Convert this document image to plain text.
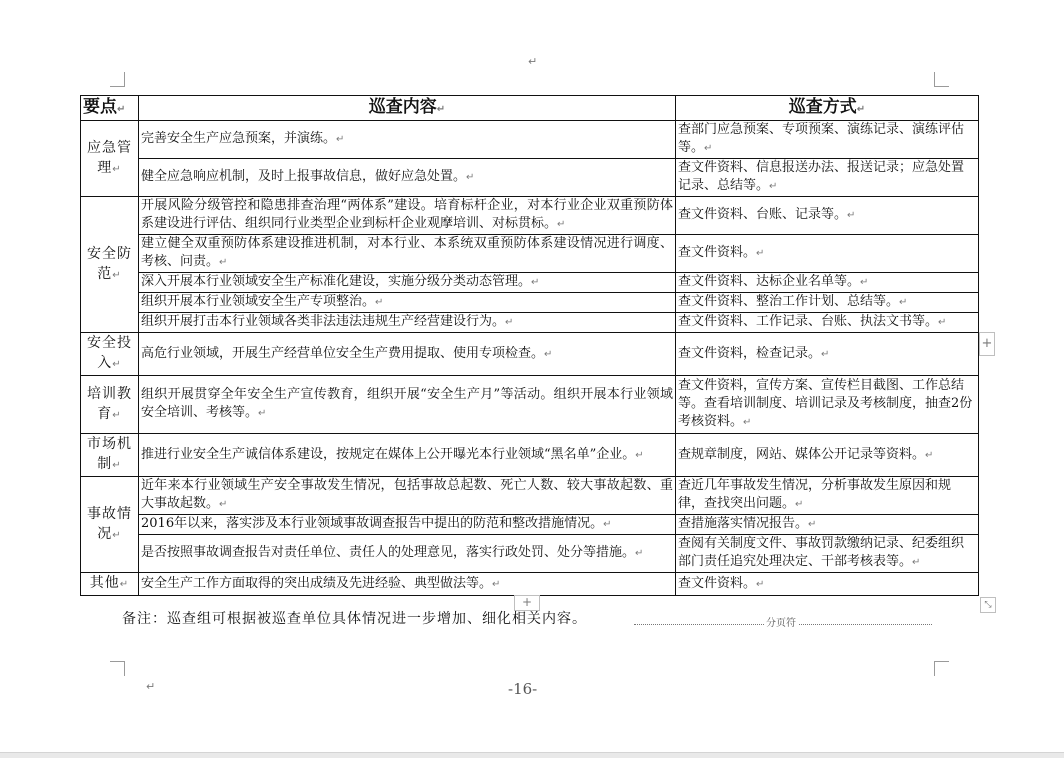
↵
要点↵	巡查内容↵	巡查方式↵
应急管理↵	完善安全生产应急预案，并演练。↵	查部门应急预案、专项预案、演练记录、演练评估等。↵
	健全应急响应机制，及时上报事故信息，做好应急处置。↵	查文件资料、信息报送办法、报送记录；应急处置记录、总结等。↵
安全防范↵	开展风险分级管控和隐患排查治理“两体系”建设。培育标杆企业，对本行业企业双重预防体系建设进行评估、组织同行业类型企业到标杆企业观摩培训、对标贯标。↵	查文件资料、台账、记录等。↵
	建立健全双重预防体系建设推进机制，对本行业、本系统双重预防体系建设情况进行调度、考核、问责。↵	查文件资料。↵
	深入开展本行业领域安全生产标准化建设，实施分级分类动态管理。↵	查文件资料、达标企业名单等。↵
	组织开展本行业领域安全生产专项整治。↵	查文件资料、整治工作计划、总结等。↵
	组织开展打击本行业领域各类非法违法违规生产经营建设行为。↵	查文件资料、工作记录、台账、执法文书等。↵
安全投入↵	高危行业领域，开展生产经营单位安全生产费用提取、使用专项检查。↵	查文件资料，检查记录。↵
培训教育↵	组织开展贯穿全年安全生产宣传教育，组织开展“安全生产月”等活动。组织开展本行业领域安全培训、考核等。↵	查文件资料，宣传方案、宣传栏目截图、工作总结等。查看培训制度、培训记录及考核制度，抽查2份考核资料。↵
市场机制↵	推进行业安全生产诚信体系建设，按规定在媒体上公开曝光本行业领域“黑名单”企业。↵	查规章制度，网站、媒体公开记录等资料。↵
事故情况↵	近年来本行业领域生产安全事故发生情况，包括事故总起数、死亡人数、较大事故起数、重大事故起数。↵	查近几年事故发生情况，分析事故发生原因和规律，查找突出问题。↵
	2016年以来，落实涉及本行业领域事故调查报告中提出的防范和整改措施情况。↵	查措施落实情况报告。↵
	是否按照事故调查报告对责任单位、责任人的处理意见，落实行政处罚、处分等措施。↵	查阅有关制度文件、事故罚款缴纳记录、纪委组织部门责任追究处理决定、干部考核表等。↵
其他↵	安全生产工作方面取得的突出成绩及先进经验、典型做法等。↵	查文件资料。↵
+
+	⤡
备注：巡查组可根据被巡查单位具体情况进一步增加、细化相关内容。	分页符
↵	-16-
